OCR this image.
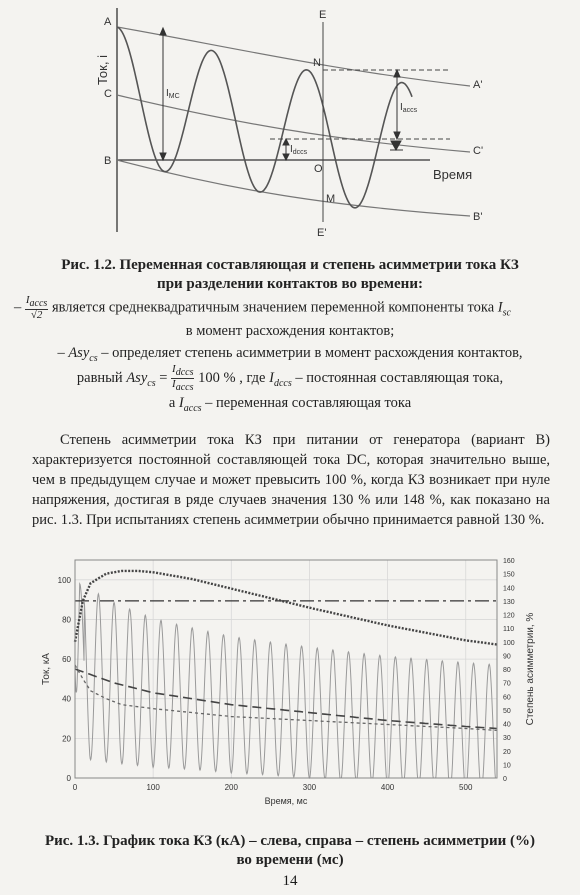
A
A'
C
C'
B
B'
E
E'
N
O
M
Время
Ток, i
$I_{МС}$
$I_{accs}$
$I_{dccs}$
Рис. 1.2. Переменная составляющая и степень асимметрии тока КЗ
при разделении контактов во времени:
– $\frac{I_{accs}}{√2}$ является среднеквадратичным значением переменной компоненты тока $I_{sc}$
в момент расхождения контактов;
– Asy$_{cs}$ – определяет степень асимметрии в момент расхождения контактов,
равный $Asy_{cs} = \frac{I_{dccs}}{I_{accs}} 100$ % , где $I_{dccs}$ – постоянная составляющая тока,
а $I_{accs}$ – переменная составляющая тока
Степень асимметрии тока КЗ при питании от генератора (вариант В) характеризуется постоянной составляющей тока DC, которая значительно выше, чем в предыдущем случае и может превысить 100 %, когда КЗ возникает при нуле напряжения, достигая в ряде случаев значения 130 % или 148 %, как показано на рис. 1.3. При испытаниях степень асимметрии обычно принимается равной 130 %.
0	100	200	300	400	500
0
20
40
60
80
100
0
10
20
30
40
50
60
70
80
90
100
110
120
130
140
150
160
Время, мс
Ток, кА	Степень асимметрии, %
Рис. 1.3. График тока КЗ (кА) – слева, справа – степень асимметрии (%)
во времени (мс)
14
